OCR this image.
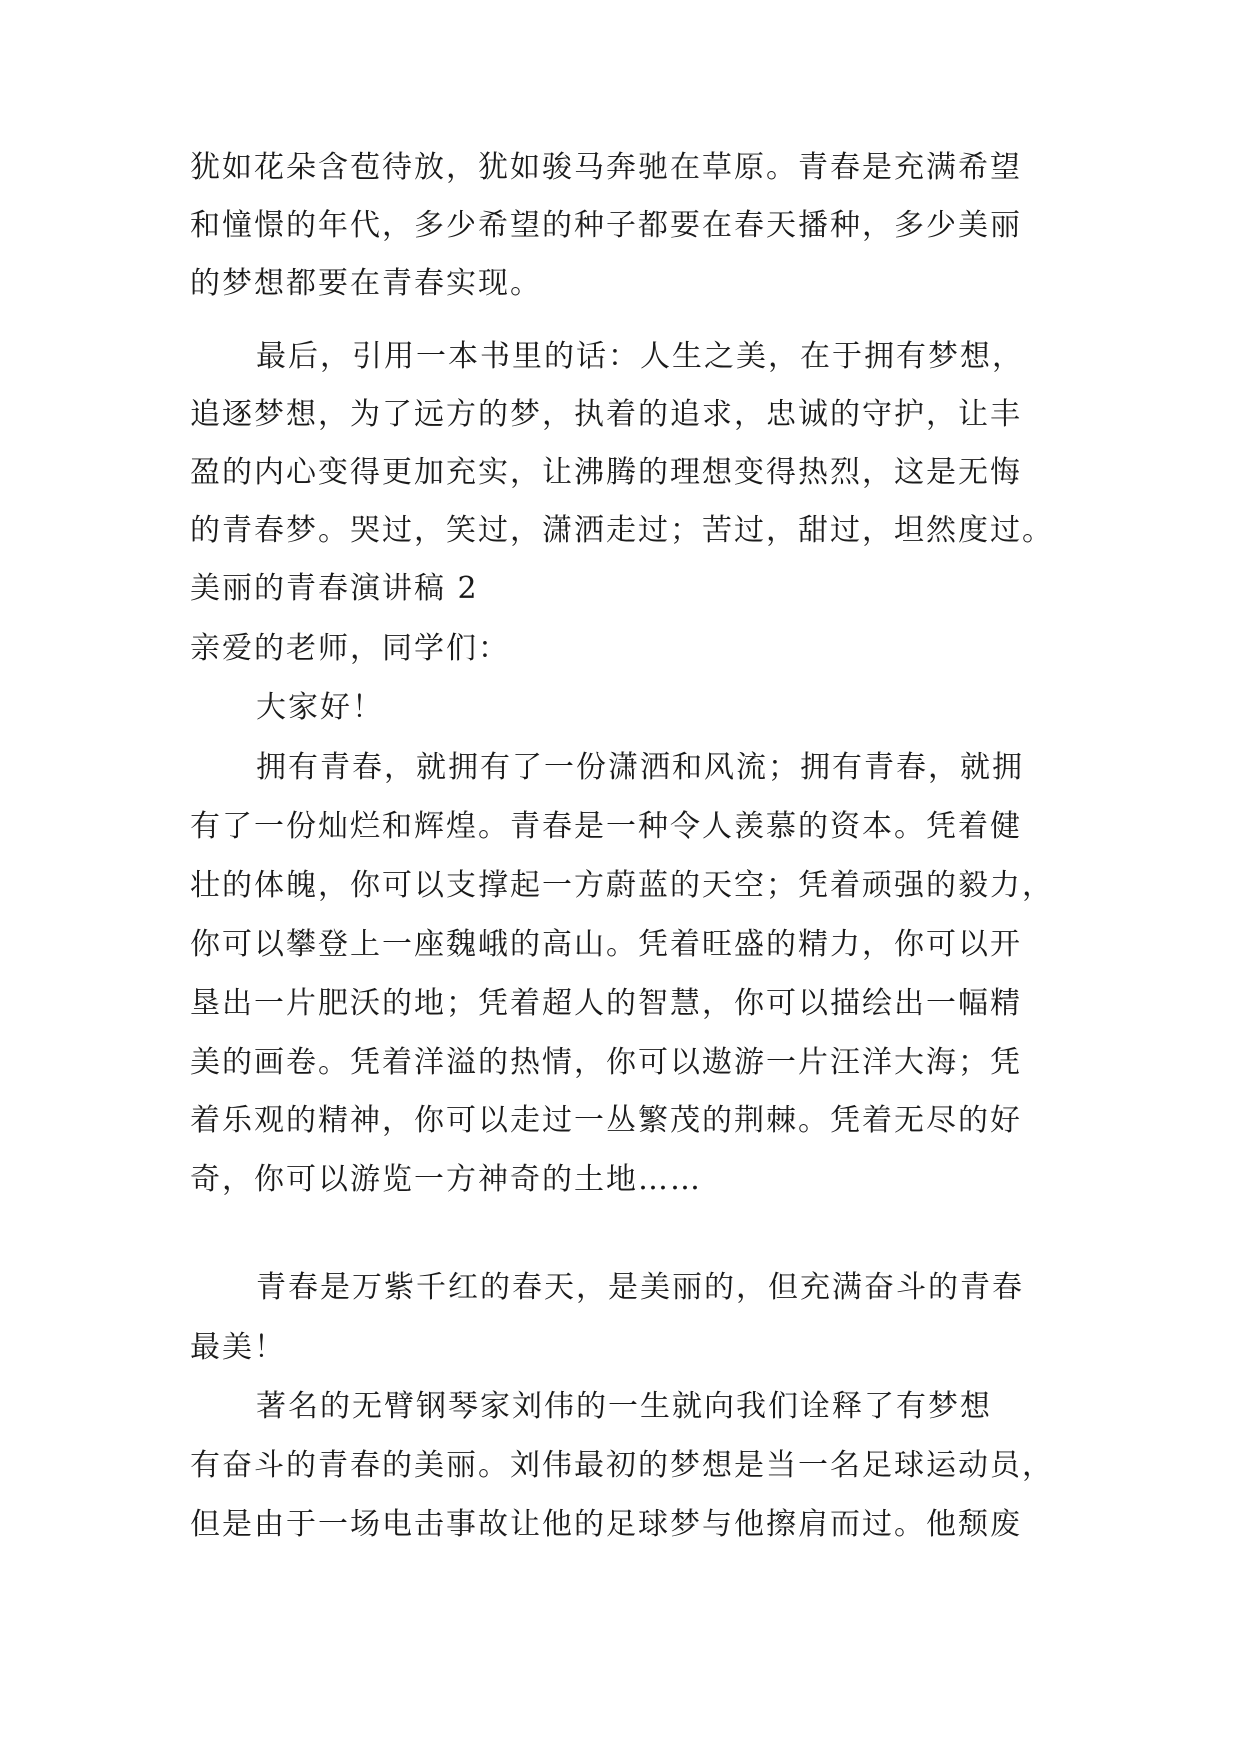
犹如花朵含苞待放，犹如骏马奔驰在草原。青春是充满希望
和憧憬的年代，多少希望的种子都要在春天播种，多少美丽
的梦想都要在青春实现。
最后，引用一本书里的话：人生之美，在于拥有梦想，
追逐梦想，为了远方的梦，执着的追求，忠诚的守护，让丰
盈的内心变得更加充实，让沸腾的理想变得热烈，这是无悔
的青春梦。哭过，笑过，潇洒走过；苦过，甜过，坦然度过。
美丽的青春演讲稿 2
亲爱的老师，同学们：
大家好！
拥有青春，就拥有了一份潇洒和风流；拥有青春，就拥
有了一份灿烂和辉煌。青春是一种令人羡慕的资本。凭着健
壮的体魄，你可以支撑起一方蔚蓝的天空；凭着顽强的毅力，
你可以攀登上一座魏峨的高山。凭着旺盛的精力，你可以开
垦出一片肥沃的地；凭着超人的智慧，你可以描绘出一幅精
美的画卷。凭着洋溢的热情，你可以遨游一片汪洋大海；凭
着乐观的精神，你可以走过一丛繁茂的荆棘。凭着无尽的好
奇，你可以游览一方神奇的土地……
青春是万紫千红的春天，是美丽的，但充满奋斗的青春
最美！
著名的无臂钢琴家刘伟的一生就向我们诠释了有梦想
有奋斗的青春的美丽。刘伟最初的梦想是当一名足球运动员，
但是由于一场电击事故让他的足球梦与他擦肩而过。他颓废
